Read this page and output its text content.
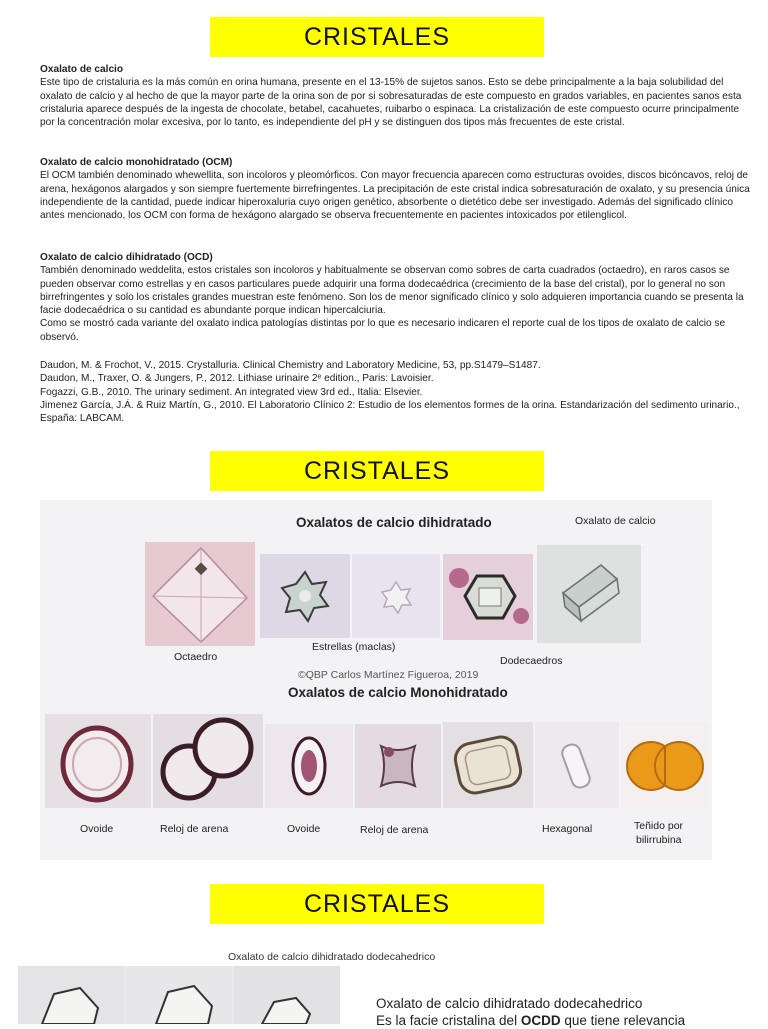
CRISTALES

Oxalato de calcio

Este tipo de cristaluria es la más común en orina humana, presente en el 13-15% de sujetos sanos. Esto se debe principalmente a la baja solubilidad del oxalato de calcio y al hecho de que la mayor parte de la orina son de por si sobresaturadas de este compuesto en grados variables, en pacientes sanos esta cristaluria aparece después de la ingesta de chocolate, betabel, cacahuetes, ruibarbo o espinaca. La cristalización de este compuesto ocurre principalmente por la concentración molar excesiva, por lo tanto, es independiente del pH y se distinguen dos tipos más frecuentes de este cristal.

Oxalato de calcio monohidratado (OCM)

El OCM también denominado whewellita, son incoloros y pleomórficos. Con mayor frecuencia aparecen como estructuras ovoides, discos bicóncavos, reloj de arena, hexágonos alargados y son siempre fuertemente birrefringentes. La precipitación de este cristal indica sobresaturación de oxalato, y su presencia única independiente de la cantidad, puede indicar hiperoxaluria cuyo origen genético, absorbente o dietético debe ser investigado. Además del significado clínico antes mencionado, los OCM con forma de hexágono alargado se observa frecuentemente en pacientes intoxicados por etilenglicol.

Oxalato de calcio dihidratado (OCD)

También denominado weddelita, estos cristales son incoloros y habitualmente se observan como sobres de carta cuadrados (octaedro), en raros casos se pueden observar como estrellas y en casos particulares puede adquirir una forma dodecaédrica (crecimiento de la base del cristal), por lo general no son birrefringentes y solo los cristales grandes muestran este fenómeno. Son los de menor significado clínico y solo adquieren importancia cuando se presenta la facie dodecaédrica o su cantidad es abundante porque indican hipercalciuria.

Como se mostró cada variante del oxalato indica patologías distintas por lo que es necesario indicaren el reporte cual de los tipos de oxalato de calcio se observó.

Daudon, M. & Frochot, V., 2015. Crystalluria. Clinical Chemistry and Laboratory Medicine, 53, pp.S1479–S1487.

Daudon, M., Traxer, O. & Jungers, P., 2012. Lithiase urinaire 2ᵉ edition., Paris: Lavoisier.

Fogazzi, G.B., 2010. The urinary sediment. An integrated view 3rd ed., Italia: Elsevier.

Jimenez García, J.Á. & Ruiz Martín, G., 2010. El Laboratorio Clínico 2: Estudio de los elementos formes de la orina. Estandarización del sedimento urinario., España: LABCAM.

CRISTALES
Oxalatos de calcio dihidratado	Oxalato de calcio
Estrellas (maclas)
Octaedro	Dodecaedros
©QBP Carlos Martínez Figueroa, 2019
Oxalatos de calcio Monohidratado
Ovoide	Reloj de arena	Ovoide	Reloj de arena	Hexagonal	Teñido por
bilirrubina
CRISTALES
Oxalato de calcio dihidratado dodecahedrico
Oxalato de calcio dihidratado dodecahedrico
Es la facie cristalina del OCDD que tiene relevancia
